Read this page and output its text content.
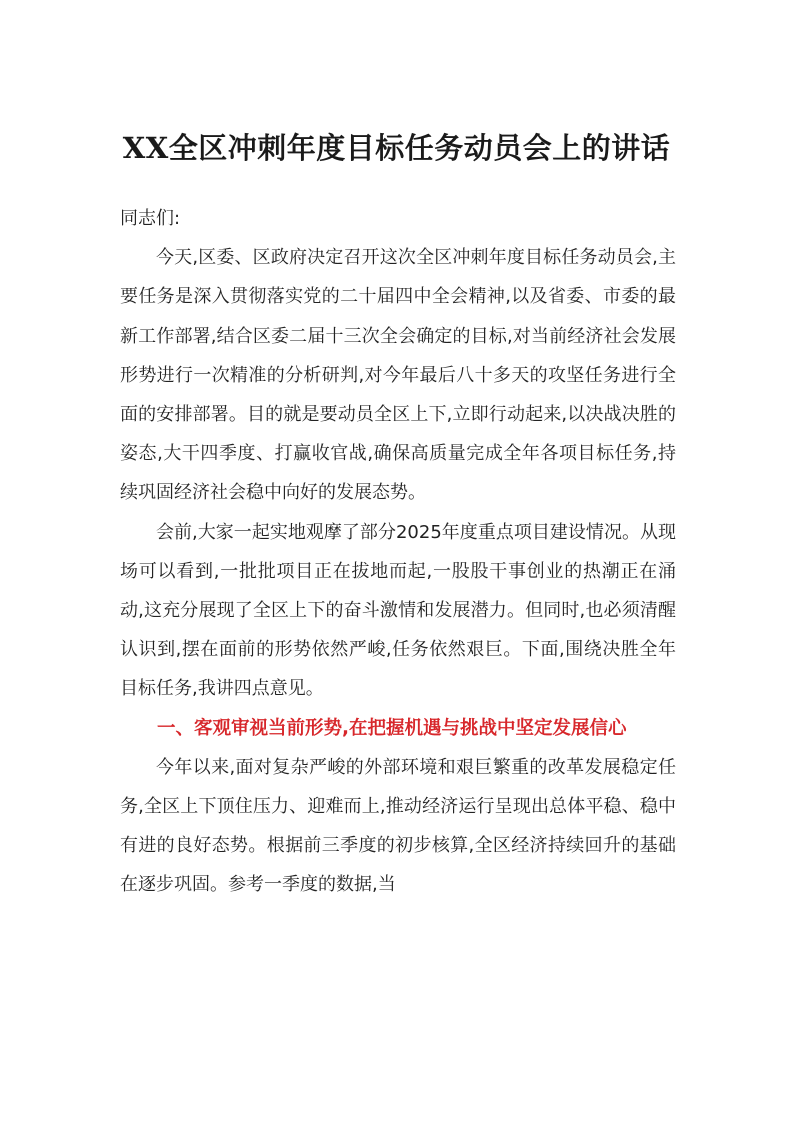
XX全区冲刺年度目标任务动员会上的讲话

同志们:

今天,区委、区政府决定召开这次全区冲刺年度目标任务动员会,主要任务是深入贯彻落实党的二十届四中全会精神,以及省委、市委的最新工作部署,结合区委二届十三次全会确定的目标,对当前经济社会发展形势进行一次精准的分析研判,对今年最后八十多天的攻坚任务进行全面的安排部署。目的就是要动员全区上下,立即行动起来,以决战决胜的姿态,大干四季度、打赢收官战,确保高质量完成全年各项目标任务,持续巩固经济社会稳中向好的发展态势。

会前,大家一起实地观摩了部分2025年度重点项目建设情况。从现场可以看到,一批批项目正在拔地而起,一股股干事创业的热潮正在涌动,这充分展现了全区上下的奋斗激情和发展潜力。但同时,也必须清醒认识到,摆在面前的形势依然严峻,任务依然艰巨。下面,围绕决胜全年目标任务,我讲四点意见。

一、客观审视当前形势,在把握机遇与挑战中坚定发展信心

今年以来,面对复杂严峻的外部环境和艰巨繁重的改革发展稳定任务,全区上下顶住压力、迎难而上,推动经济运行呈现出总体平稳、稳中有进的良好态势。根据前三季度的初步核算,全区经济持续回升的基础在逐步巩固。参考一季度的数据,当
